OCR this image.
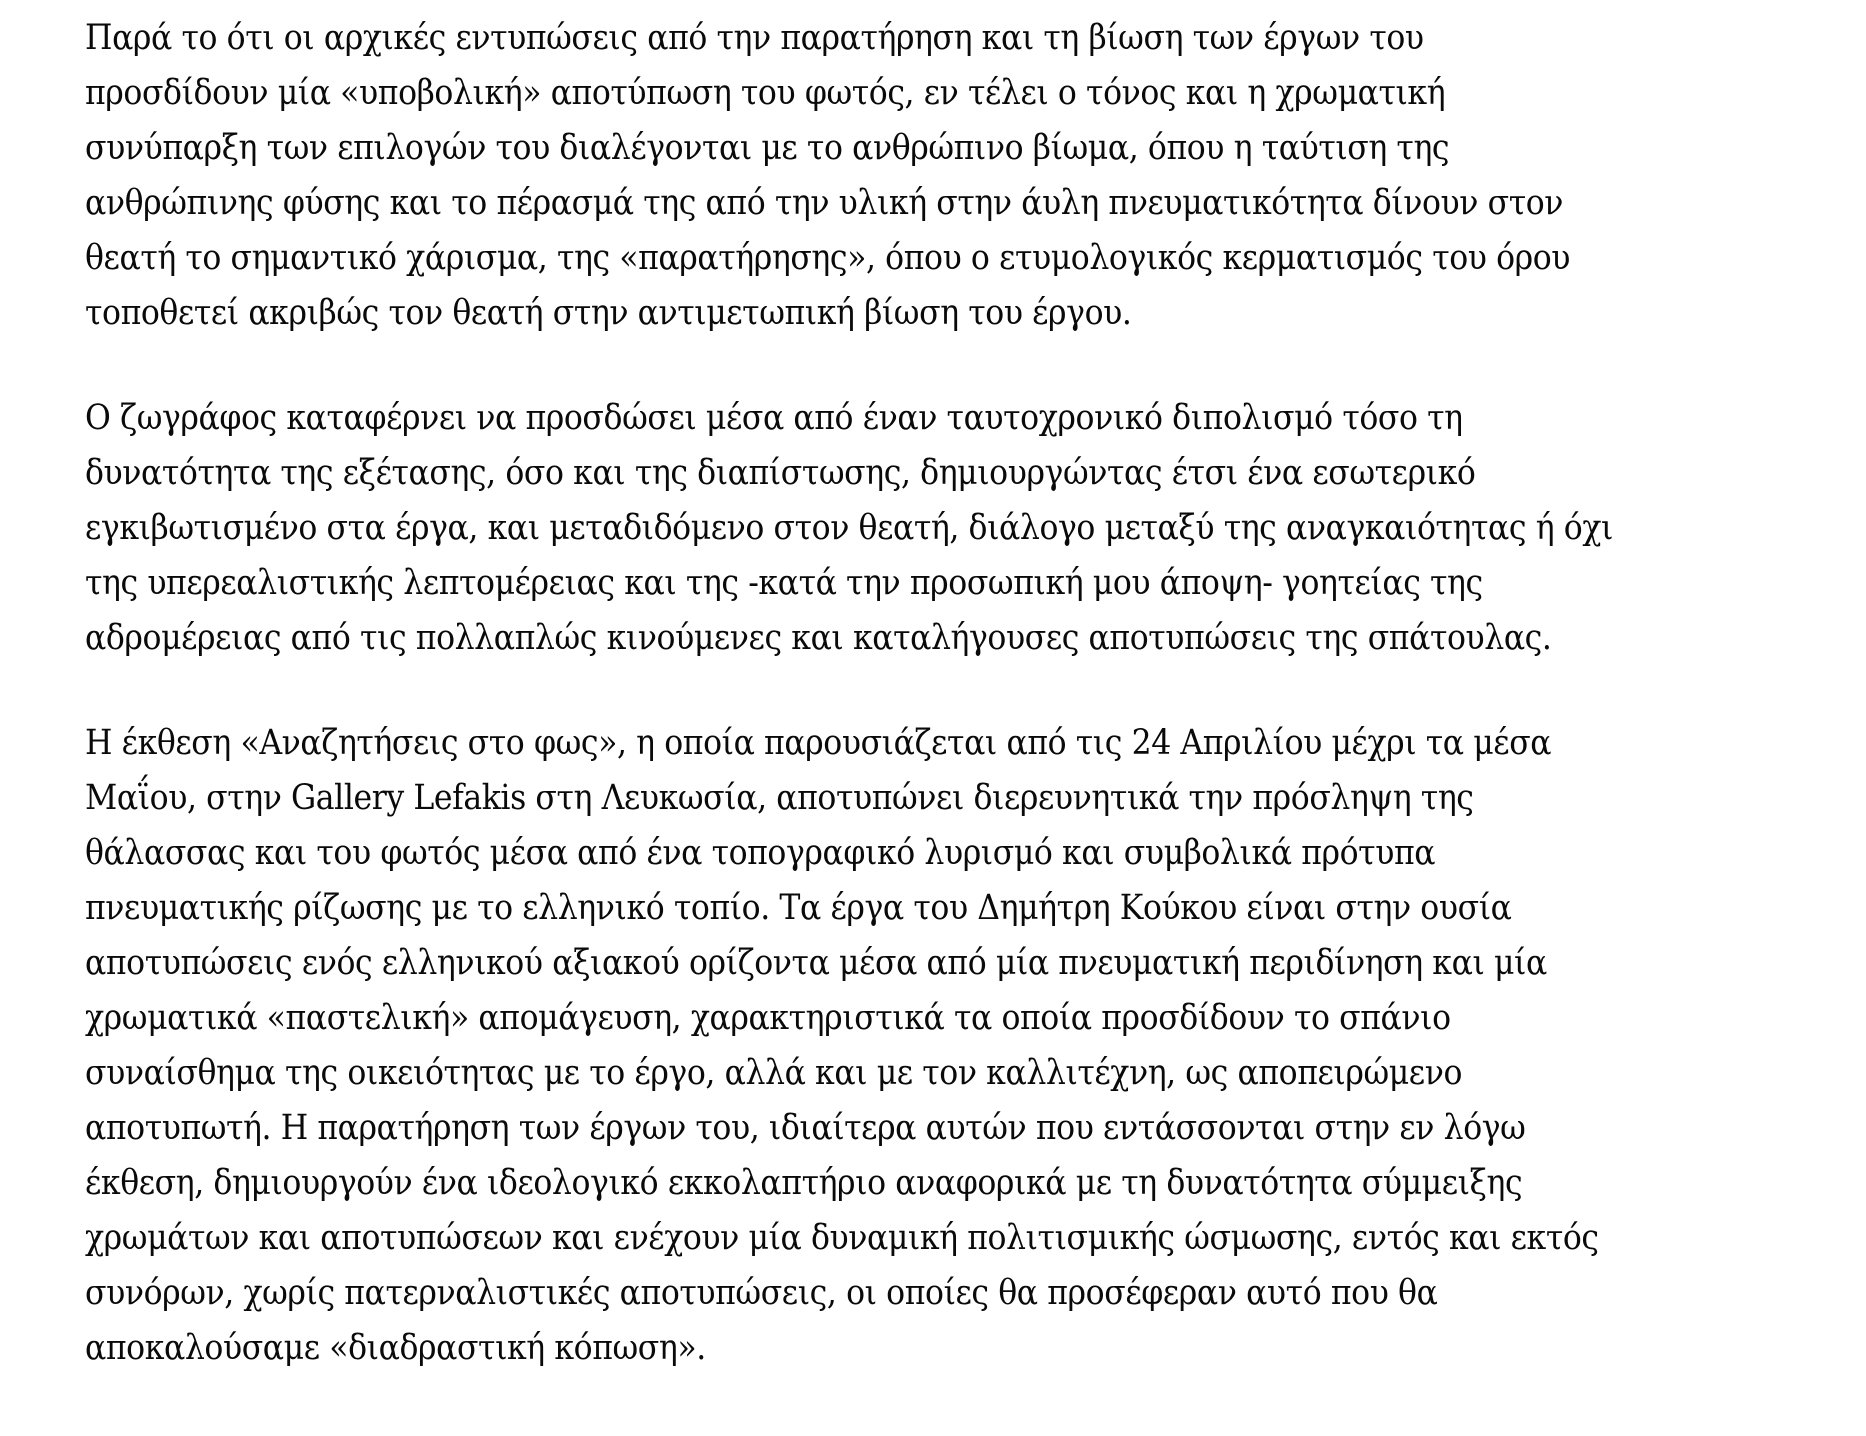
Παρά το ότι οι αρχικές εντυπώσεις από την παρατήρηση και τη βίωση των έργων του
προσδίδουν μία «υποβολική» αποτύπωση του φωτός, εν τέλει ο τόνος και η χρωματική
συνύπαρξη των επιλογών του διαλέγονται με το ανθρώπινο βίωμα, όπου η ταύτιση της
ανθρώπινης φύσης και το πέρασμά της από την υλική στην άυλη πνευματικότητα δίνουν στον
θεατή το σημαντικό χάρισμα, της «παρατήρησης», όπου ο ετυμολογικός κερματισμός του όρου
τοποθετεί ακριβώς τον θεατή στην αντιμετωπική βίωση του έργου.

Ο ζωγράφος καταφέρνει να προσδώσει μέσα από έναν ταυτοχρονικό διπολισμό τόσο τη
δυνατότητα της εξέτασης, όσο και της διαπίστωσης, δημιουργώντας έτσι ένα εσωτερικό
εγκιβωτισμένο στα έργα, και μεταδιδόμενο στον θεατή, διάλογο μεταξύ της αναγκαιότητας ή όχι
της υπερεαλιστικής λεπτομέρειας και της -κατά την προσωπική μου άποψη- γοητείας της
αδρομέρειας από τις πολλαπλώς κινούμενες και καταλήγουσες αποτυπώσεις της σπάτουλας.

Η έκθεση «Αναζητήσεις στο φως», η οποία παρουσιάζεται από τις 24 Απριλίου μέχρι τα μέσα
Μαΐου, στην Gallery Lefakis στη Λευκωσία, αποτυπώνει διερευνητικά την πρόσληψη της
θάλασσας και του φωτός μέσα από ένα τοπογραφικό λυρισμό και συμβολικά πρότυπα
πνευματικής ρίζωσης με το ελληνικό τοπίο. Τα έργα του Δημήτρη Κούκου είναι στην ουσία
αποτυπώσεις ενός ελληνικού αξιακού ορίζοντα μέσα από μία πνευματική περιδίνηση και μία
χρωματικά «παστελική» απομάγευση, χαρακτηριστικά τα οποία προσδίδουν το σπάνιο
συναίσθημα της οικειότητας με το έργο, αλλά και με τον καλλιτέχνη, ως αποπειρώμενο
αποτυπωτή. Η παρατήρηση των έργων του, ιδιαίτερα αυτών που εντάσσονται στην εν λόγω
έκθεση, δημιουργούν ένα ιδεολογικό εκκολαπτήριο αναφορικά με τη δυνατότητα σύμμειξης
χρωμάτων και αποτυπώσεων και ενέχουν μία δυναμική πολιτισμικής ώσμωσης, εντός και εκτός
συνόρων, χωρίς πατερναλιστικές αποτυπώσεις, οι οποίες θα προσέφεραν αυτό που θα
αποκαλούσαμε «διαδραστική κόπωση».
